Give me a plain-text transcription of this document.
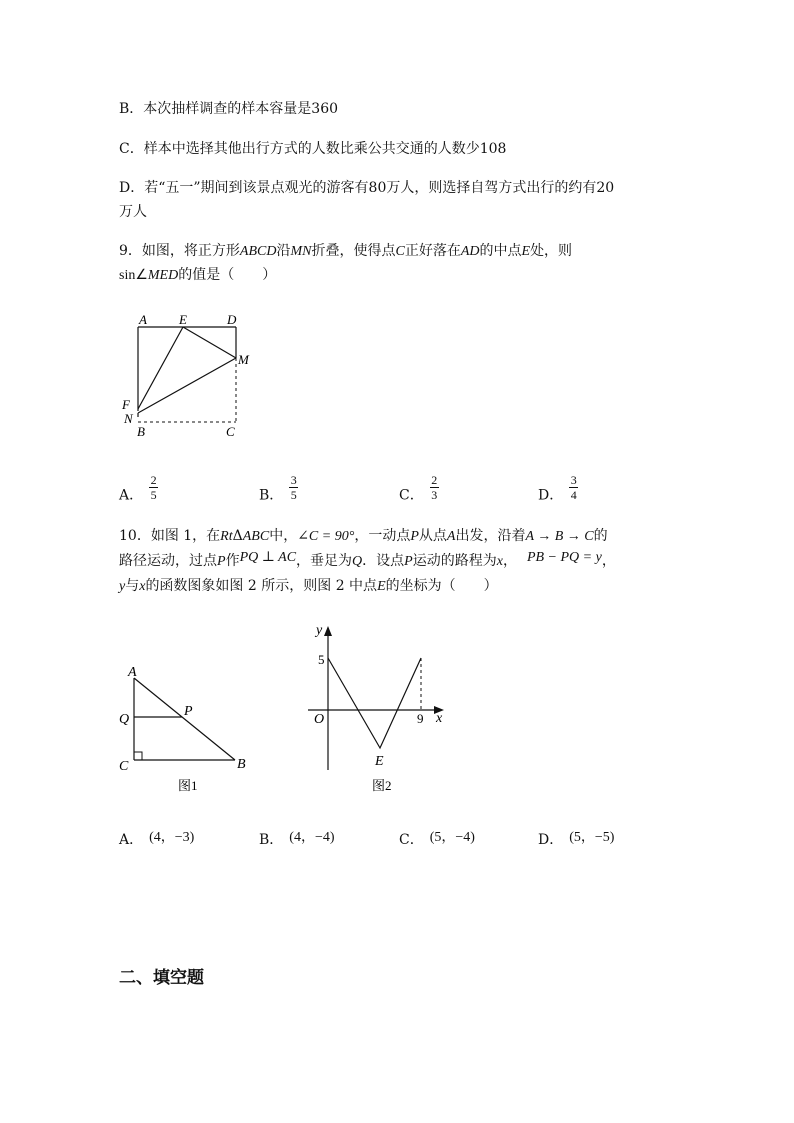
B．本次抽样调查的样本容量是360
C．样本中选择其他出行方式的人数比乘公共交通的人数少108
D．若“五一”期间到该景点观光的游客有80万人，则选择自驾方式出行的约有20
万人
9．如图，将正方形ABCD沿MN折叠，使得点C正好落在AD的中点E处，则
sin∠MED的值是（　　）
A E	D
M
F
N
B	C
A． $\frac{2}{5}$	B． $\frac{3}{5}$	C． $\frac{2}{3}$	D． $\frac{3}{4}$
10．如图 1，在RtΔABC中，∠C = 90°，一动点P从点A出发，沿着A → B → C的
路径运动，过点P作PQ ⊥ AC，垂足为Q．设点P运动的路程为x， PB − PQ = y，
y与x的函数图象如图 2 所示，则图 2 中点E的坐标为（　　）
A
Q
P
C	B
图1
y
5
O	9 x
E
图2
A． (4，−3)	B． (4，−4)	C． (5，−4)	D． (5，−5)
二、填空题
